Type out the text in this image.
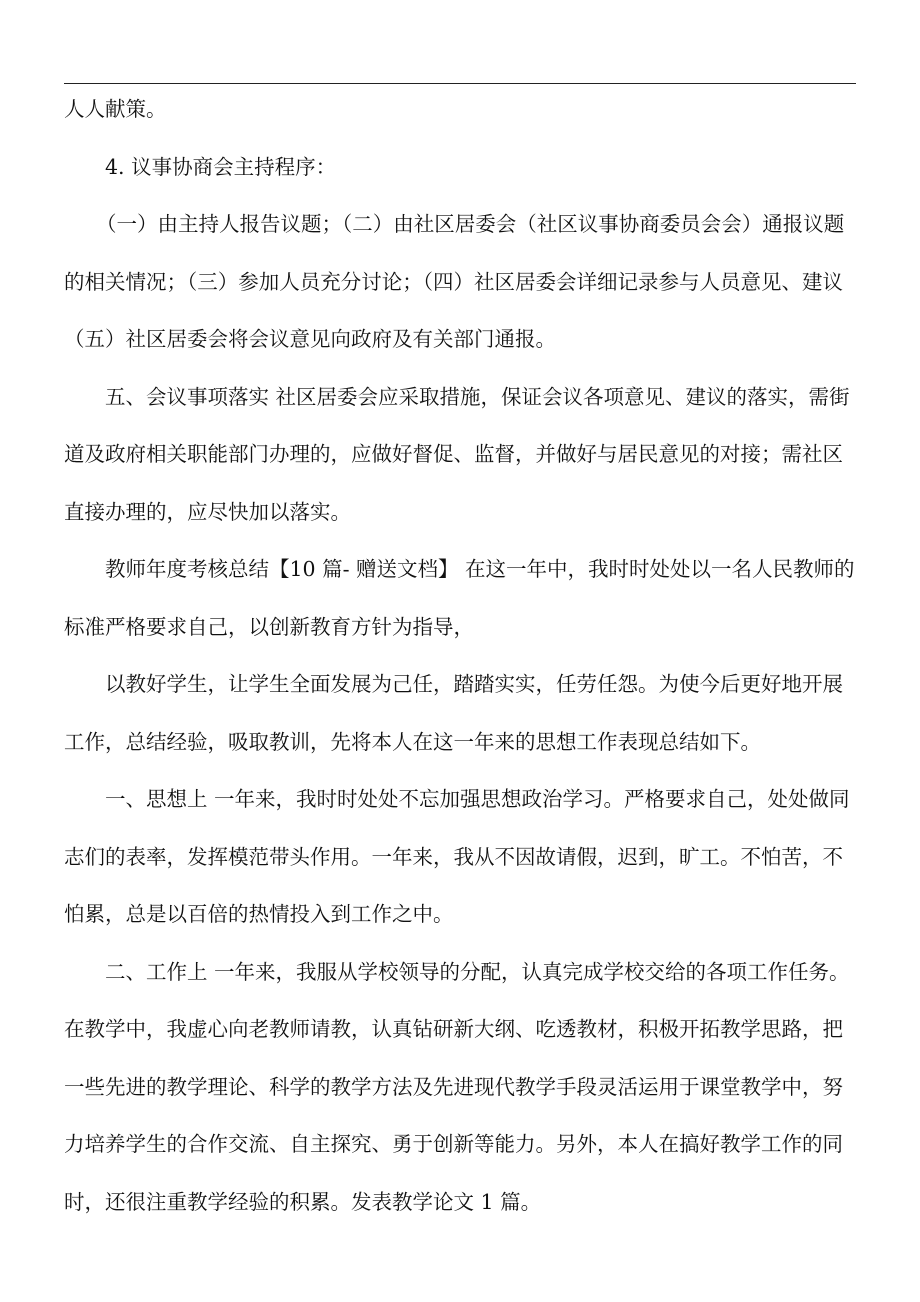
人人献策。

4. 议事协商会主持程序：

（一）由主持人报告议题；（二）由社区居委会（社区议事协商委员会会）通报议题的相关情况；（三）参加人员充分讨论；（四）社区居委会详细记录参与人员意见、建议 （五）社区居委会将会议意见向政府及有关部门通报。

五、会议事项落实 社区居委会应采取措施，保证会议各项意见、建议的落实，需街道及政府相关职能部门办理的，应做好督促、监督，并做好与居民意见的对接；需社区直接办理的，应尽快加以落实。

教师年度考核总结【10 篇- 赠送文档】 在这一年中，我时时处处以一名人民教师的标准严格要求自己，以创新教育方针为指导，

以教好学生，让学生全面发展为己任，踏踏实实，任劳任怨。为使今后更好地开展工作，总结经验，吸取教训，先将本人在这一年来的思想工作表现总结如下。

一、思想上 一年来，我时时处处不忘加强思想政治学习。严格要求自己，处处做同志们的表率，发挥模范带头作用。一年来，我从不因故请假，迟到，旷工。不怕苦，不怕累，总是以百倍的热情投入到工作之中。

二、工作上 一年来，我服从学校领导的分配，认真完成学校交给的各项工作任务。在教学中，我虚心向老教师请教，认真钻研新大纲、吃透教材，积极开拓教学思路，把一些先进的教学理论、科学的教学方法及先进现代教学手段灵活运用于课堂教学中，努力培养学生的合作交流、自主探究、勇于创新等能力。另外，本人在搞好教学工作的同时，还很注重教学经验的积累。发表教学论文 1 篇。
